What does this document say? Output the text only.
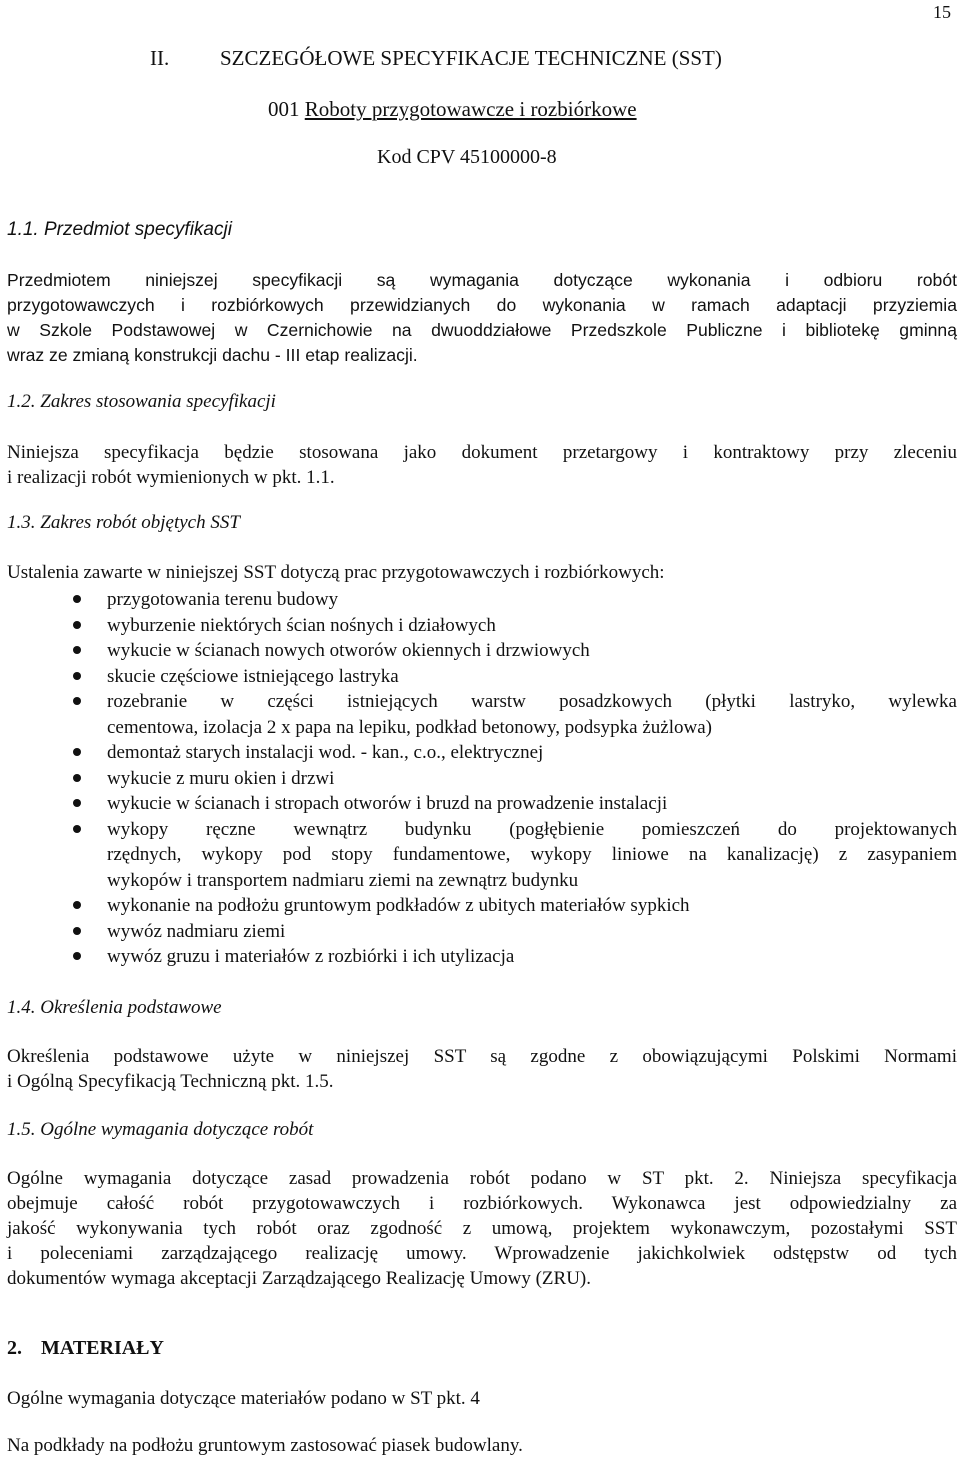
15
II. SZCZEGÓŁOWE SPECYFIKACJE TECHNICZNE (SST)
001 Roboty przygotowawcze i rozbiórkowe
Kod CPV 45100000-8
1.1. Przedmiot specyfikacji
Przedmiotem niniejszej specyfikacji są wymagania dotyczące wykonania i odbioru robót
przygotowawczych i rozbiórkowych przewidzianych do wykonania w ramach adaptacji przyziemia
w Szkole Podstawowej w Czernichowie na dwuoddziałowe Przedszkole Publiczne i bibliotekę gminną
wraz ze zmianą konstrukcji dachu - III etap realizacji.
1.2. Zakres stosowania specyfikacji
Niniejsza specyfikacja będzie stosowana jako dokument przetargowy i kontraktowy przy zleceniu
i realizacji robót wymienionych w pkt. 1.1.
1.3. Zakres robót objętych SST
Ustalenia zawarte w niniejszej SST dotyczą prac przygotowawczych i rozbiórkowych:
przygotowania terenu budowy
wyburzenie niektórych ścian nośnych i działowych
wykucie w ścianach nowych otworów okiennych i drzwiowych
skucie częściowe istniejącego lastryka
rozebranie w części istniejących warstw posadzkowych (płytki lastryko, wylewka
cementowa, izolacja 2 x papa na lepiku, podkład betonowy, podsypka żużlowa)
demontaż starych instalacji wod. - kan., c.o., elektrycznej
wykucie z muru okien i drzwi
wykucie w ścianach i stropach otworów i bruzd na prowadzenie instalacji
wykopy ręczne wewnątrz budynku (pogłębienie pomieszczeń do projektowanych
rzędnych, wykopy pod stopy fundamentowe, wykopy liniowe na kanalizację) z zasypaniem
wykopów i transportem nadmiaru ziemi na zewnątrz budynku
wykonanie na podłożu gruntowym podkładów z ubitych materiałów sypkich
wywóz nadmiaru ziemi
wywóz gruzu i materiałów z rozbiórki i ich utylizacja
1.4. Określenia podstawowe
Określenia podstawowe użyte w niniejszej SST są zgodne z obowiązującymi Polskimi Normami
i Ogólną Specyfikacją Techniczną pkt. 1.5.
1.5. Ogólne wymagania dotyczące robót
Ogólne wymagania dotyczące zasad prowadzenia robót podano w ST pkt. 2. Niniejsza specyfikacja
obejmuje całość robót przygotowawczych i rozbiórkowych. Wykonawca jest odpowiedzialny za
jakość wykonywania tych robót oraz zgodność z umową, projektem wykonawczym, pozostałymi SST
i poleceniami zarządzającego realizację umowy. Wprowadzenie jakichkolwiek odstępstw od tych
dokumentów wymaga akceptacji Zarządzającego Realizację Umowy (ZRU).
2. MATERIAŁY
Ogólne wymagania dotyczące materiałów podano w ST pkt. 4
Na podkłady na podłożu gruntowym zastosować piasek budowlany.
